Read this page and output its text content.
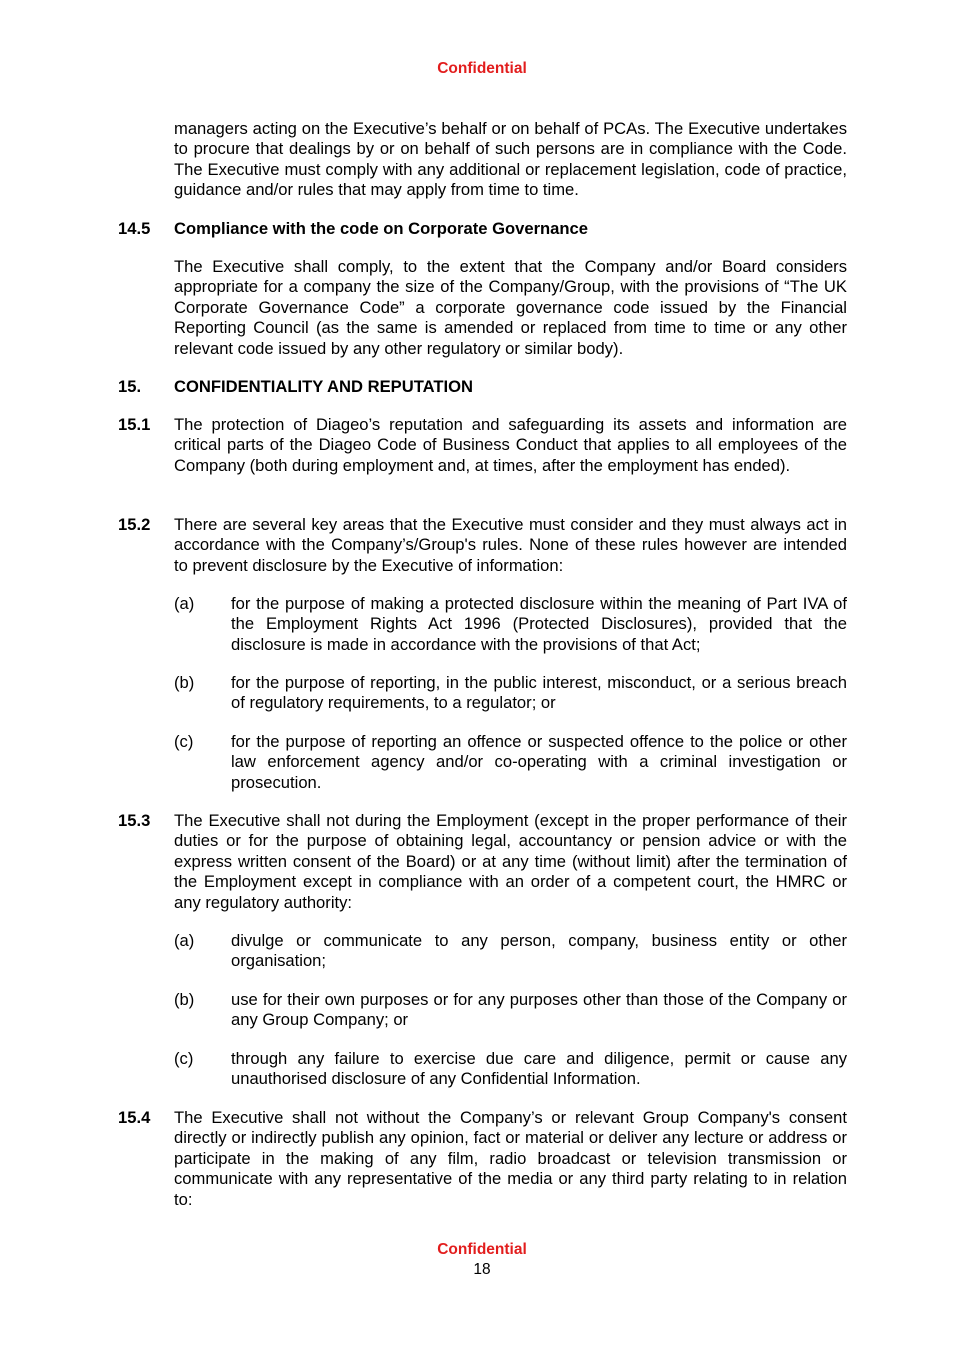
Confidential

managers acting on the Executive’s behalf or on behalf of PCAs. The Executive undertakes to procure that dealings by or on behalf of such persons are in compliance with the Code. The Executive must comply with any additional or replacement legislation, code of practice, guidance and/or rules that may apply from time to time.

14.5 Compliance with the code on Corporate Governance

The Executive shall comply, to the extent that the Company and/or Board considers appropriate for a company the size of the Company/Group, with the provisions of “The UK Corporate Governance Code” a corporate governance code issued by the Financial Reporting Council (as the same is amended or replaced from time to time or any other relevant code issued by any other regulatory or similar body).

15. CONFIDENTIALITY AND REPUTATION
15.1 The protection of Diageo’s reputation and safeguarding its assets and information are critical parts of the Diageo Code of Business Conduct that applies to all employees of the Company (both during employment and, at times, after the employment has ended).

15.2 There are several key areas that the Executive must consider and they must always act in accordance with the Company’s/Group's rules. None of these rules however are intended to prevent disclosure by the Executive of information:

(a) for the purpose of making a protected disclosure within the meaning of Part IVA of the Employment Rights Act 1996 (Protected Disclosures), provided that the disclosure is made in accordance with the provisions of that Act;

(b) for the purpose of reporting, in the public interest, misconduct, or a serious breach of regulatory requirements, to a regulator; or

(c) for the purpose of reporting an offence or suspected offence to the police or other law enforcement agency and/or co-operating with a criminal investigation or prosecution.

15.3 The Executive shall not during the Employment (except in the proper performance of their duties or for the purpose of obtaining legal, accountancy or pension advice or with the express written consent of the Board) or at any time (without limit) after the termination of the Employment except in compliance with an order of a competent court, the HMRC or any regulatory authority:

(a) divulge or communicate to any person, company, business entity or other organisation;

(b) use for their own purposes or for any purposes other than those of the Company or any Group Company; or

(c) through any failure to exercise due care and diligence, permit or cause any unauthorised disclosure of any Confidential Information.

15.4 The Executive shall not without the Company’s or relevant Group Company's consent directly or indirectly publish any opinion, fact or material or deliver any lecture or address or participate in the making of any film, radio broadcast or television transmission or communicate with any representative of the media or any third party relating to in relation to:

Confidential
18
